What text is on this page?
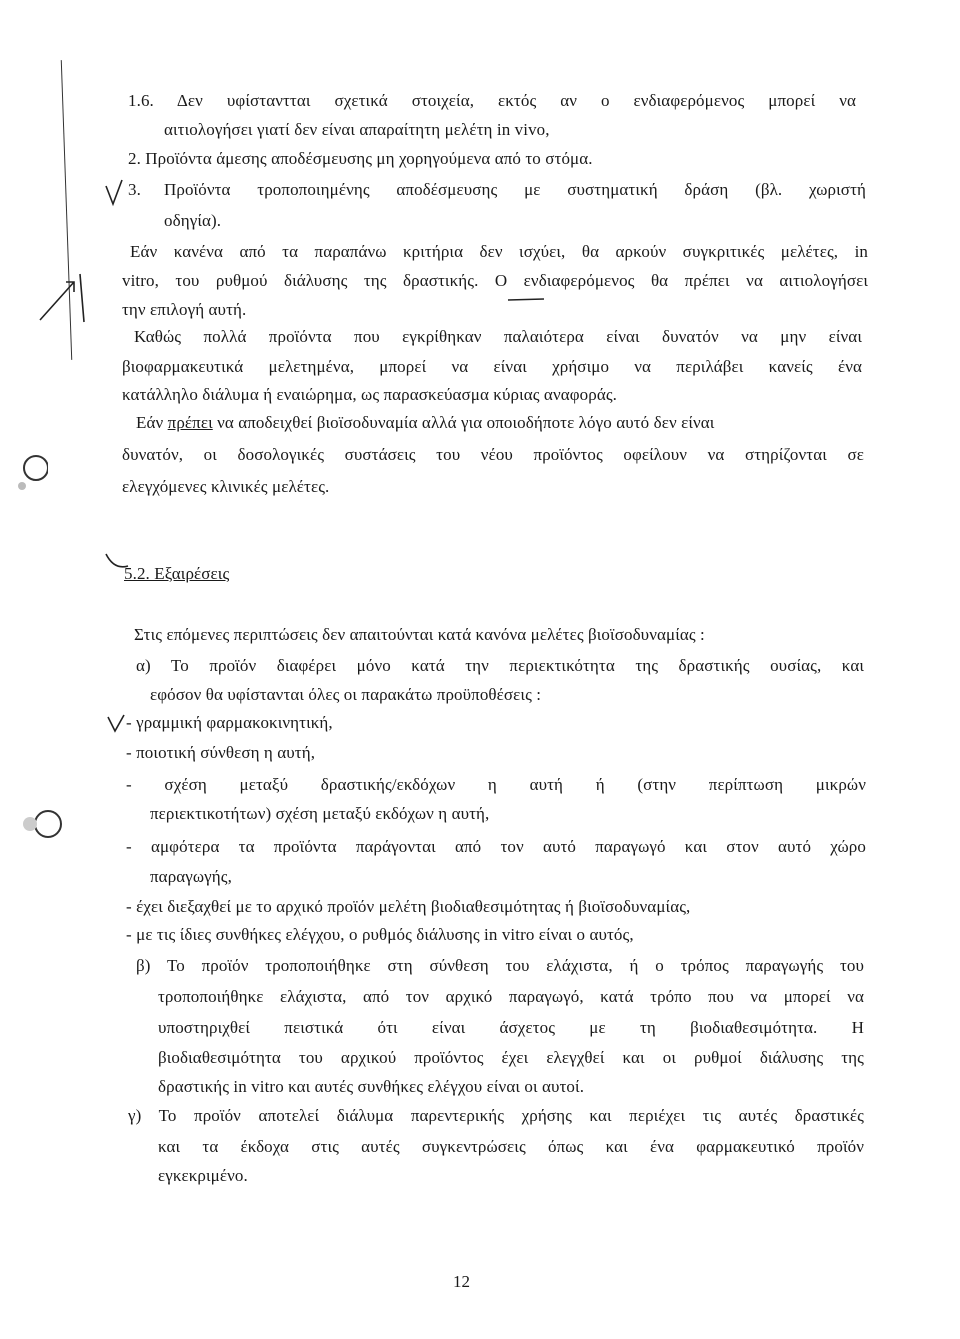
1.6. Δεν υφίσταντται σχετικά στοιχεία, εκτός αν ο ενδιαφερόμενος μπορεί να
αιτιολογήσει γιατί δεν είναι απαραίτητη μελέτη in vivo,
2. Προϊόντα άμεσης αποδέσμευσης μη χορηγούμενα από το στόμα.
3. Προϊόντα τροποποιημένης αποδέσμευσης με συστηματική δράση (βλ. χωριστή
οδηγία).
Εάν κανένα από τα παραπάνω κριτήρια δεν ισχύει, θα αρκούν συγκριτικές μελέτες, in
vitro, του ρυθμού διάλυσης της δραστικής. Ο ενδιαφερόμενος θα πρέπει να αιτιολογήσει
την επιλογή αυτή.
Καθώς πολλά προϊόντα που εγκρίθηκαν παλαιότερα είναι δυνατόν να μην είναι
βιοφαρμακευτικά μελετημένα, μπορεί να είναι χρήσιμο να περιλάβει κανείς ένα
κατάλληλο διάλυμα ή εναιώρημα, ως παρασκεύασμα κύριας αναφοράς.
Εάν πρέπει να αποδειχθεί βιοϊσοδυναμία αλλά για οποιοδήποτε λόγο αυτό δεν είναι
δυνατόν, οι δοσολογικές συστάσεις του νέου προϊόντος οφείλουν να στηρίζονται σε
ελεγχόμενες κλινικές μελέτες.
5.2. Εξαιρέσεις
Στις επόμενες περιπτώσεις δεν απαιτούνται κατά κανόνα μελέτες βιοϊσοδυναμίας :
α) Το προϊόν διαφέρει μόνο κατά την περιεκτικότητα της δραστικής ουσίας, και
εφόσον θα υφίστανται όλες οι παρακάτω προϋποθέσεις :
- γραμμική φαρμακοκινητική,
- ποιοτική σύνθεση η αυτή,
- σχέση μεταξύ δραστικής/εκδόχων η αυτή ή (στην περίπτωση μικρών
περιεκτικοτήτων) σχέση μεταξύ εκδόχων η αυτή,
- αμφότερα τα προϊόντα παράγονται από τον αυτό παραγωγό και στον αυτό χώρο
παραγωγής,
- έχει διεξαχθεί με το αρχικό προϊόν μελέτη βιοδιαθεσιμότητας ή βιοϊσοδυναμίας,
- με τις ίδιες συνθήκες ελέγχου, ο ρυθμός διάλυσης in vitro είναι ο αυτός,
β) Το προϊόν τροποποιήθηκε στη σύνθεση του ελάχιστα, ή ο τρόπος παραγωγής του
τροποποιήθηκε ελάχιστα, από τον αρχικό παραγωγό, κατά τρόπο που να μπορεί να
υποστηριχθεί πειστικά ότι είναι άσχετος με τη βιοδιαθεσιμότητα. Η
βιοδιαθεσιμότητα του αρχικού προϊόντος έχει ελεγχθεί και οι ρυθμοί διάλυσης της
δραστικής in vitro και αυτές συνθήκες ελέγχου είναι οι αυτοί.
γ) Το προϊόν αποτελεί διάλυμα παρεντερικής χρήσης και περιέχει τις αυτές δραστικές
και τα έκδοχα στις αυτές συγκεντρώσεις όπως και ένα φαρμακευτικό προϊόν
εγκεκριμένο.
12
